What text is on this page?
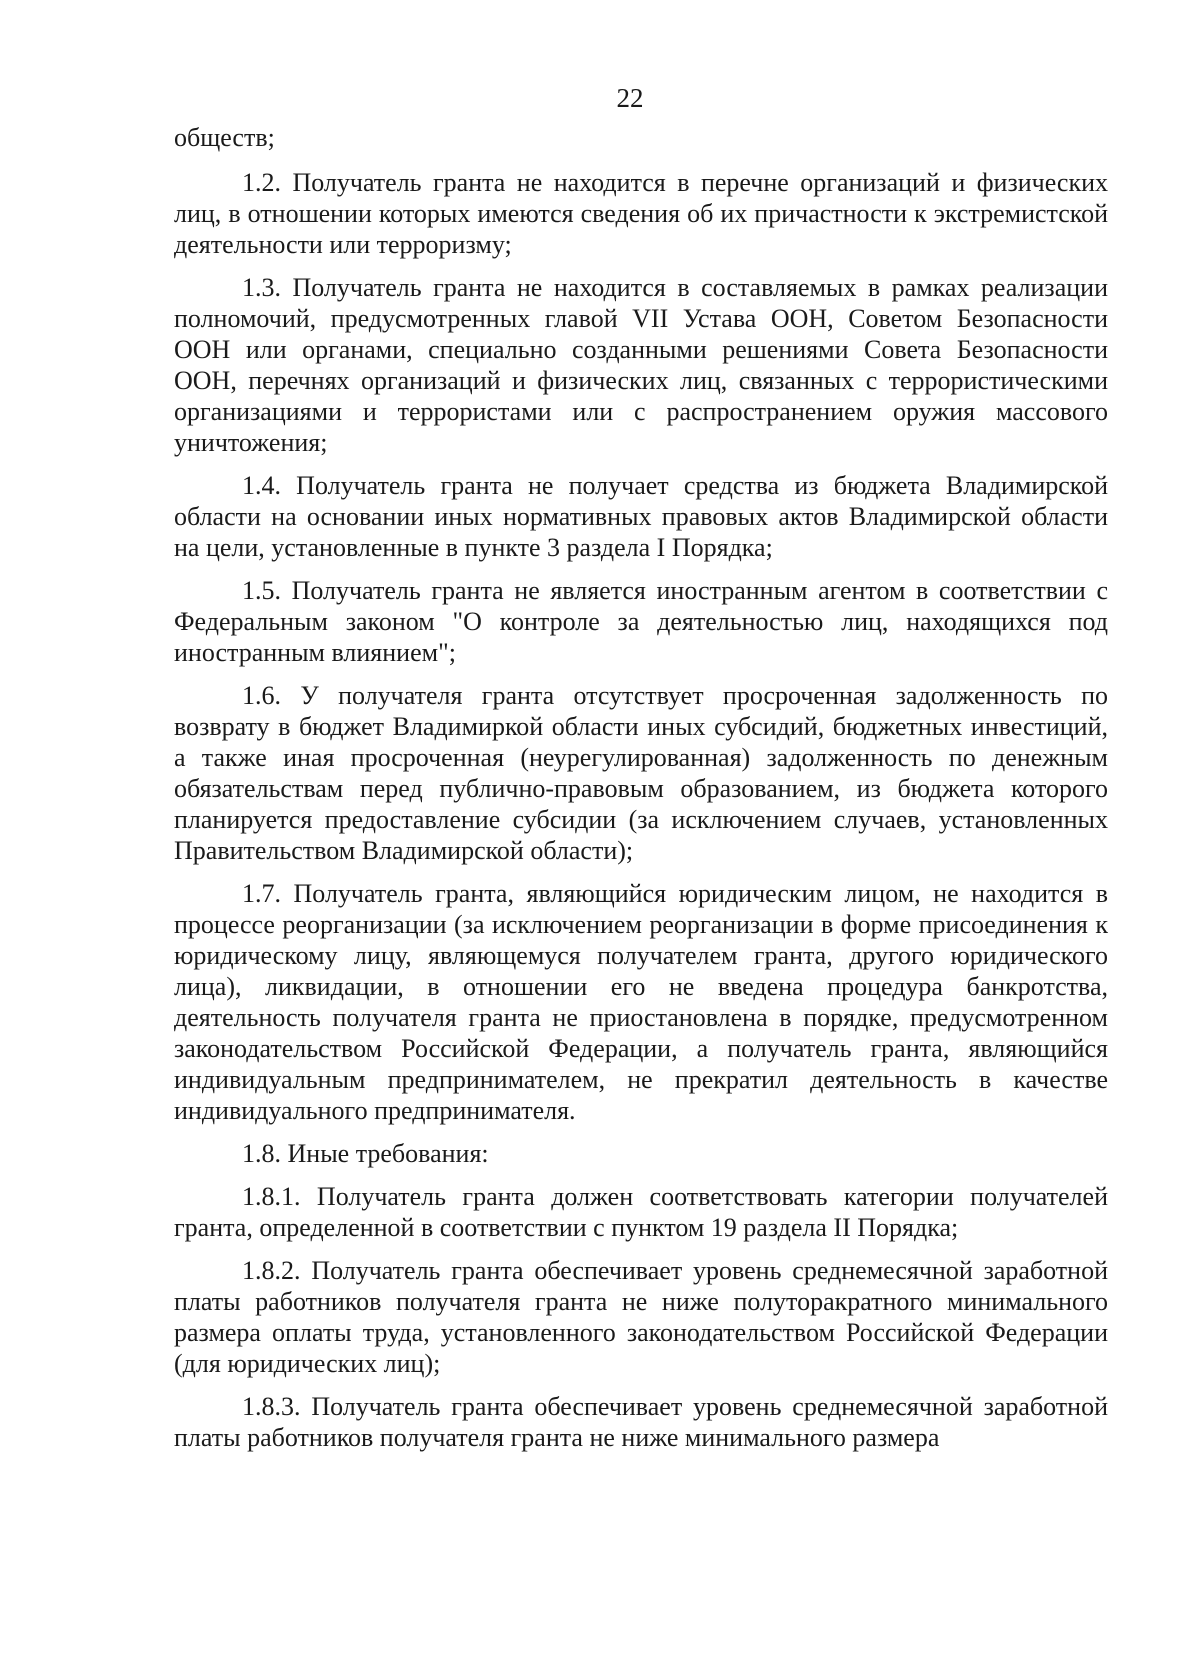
22

обществ;

1.2. Получатель гранта не находится в перечне организаций и физических лиц, в отношении которых имеются сведения об их причастности к экстремистской деятельности или терроризму;

1.3. Получатель гранта не находится в составляемых в рамках реализации полномочий, предусмотренных главой VII Устава ООН, Советом Безопасности ООН или органами, специально созданными решениями Совета Безопасности ООН, перечнях организаций и физических лиц, связанных с террористическими организациями и террористами или с распространением оружия массового уничтожения;

1.4. Получатель гранта не получает средства из бюджета Владимирской области на основании иных нормативных правовых актов Владимирской области на цели, установленные в пункте 3 раздела I Порядка;

1.5. Получатель гранта не является иностранным агентом в соответствии с Федеральным законом "О контроле за деятельностью лиц, находящихся под иностранным влиянием";

1.6. У получателя гранта отсутствует просроченная задолженность по возврату в бюджет Владимиркой области иных субсидий, бюджетных инвестиций, а также иная просроченная (неурегулированная) задолженность по денежным обязательствам перед публично-правовым образованием, из бюджета которого планируется предоставление субсидии (за исключением случаев, установленных Правительством Владимирской области);

1.7. Получатель гранта, являющийся юридическим лицом, не находится в процессе реорганизации (за исключением реорганизации в форме присоединения к юридическому лицу, являющемуся получателем гранта, другого юридического лица), ликвидации, в отношении его не введена процедура банкротства, деятельность получателя гранта не приостановлена в порядке, предусмотренном законодательством Российской Федерации, а получатель гранта, являющийся индивидуальным предпринимателем, не прекратил деятельность в качестве индивидуального предпринимателя.

1.8. Иные требования:

1.8.1. Получатель гранта должен соответствовать категории получателей гранта, определенной в соответствии с пунктом 19 раздела II Порядка;

1.8.2. Получатель гранта обеспечивает уровень среднемесячной заработной платы работников получателя гранта не ниже полуторакратного минимального размера оплаты труда, установленного законодательством Российской Федерации (для юридических лиц);

1.8.3. Получатель гранта обеспечивает уровень среднемесячной заработной платы работников получателя гранта не ниже минимального размера
